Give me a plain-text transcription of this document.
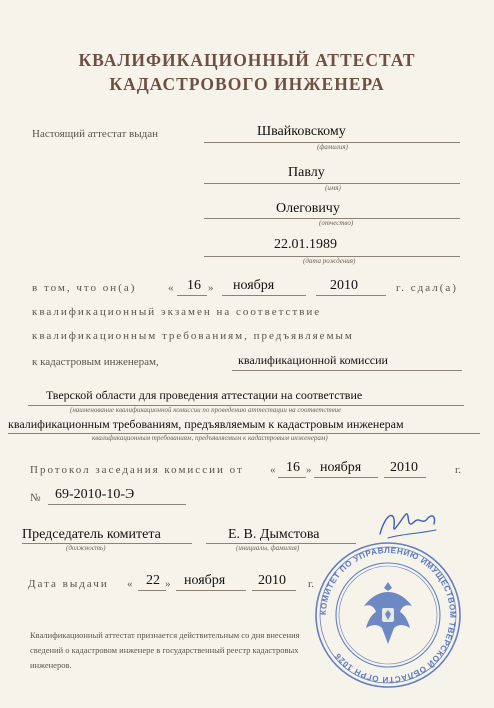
КВАЛИФИКАЦИОННЫЙ АТТЕСТАТ
КАДАСТРОВОГО ИНЖЕНЕРА
Настоящий аттестат выдан	Швайковскому
(фамилия)
Павлу
(имя)
Олеговичу
(отчество)
22.01.1989
(дата рождения)
в том, что он(а)	« 16 » ноября	2010	г. сдал(а)
квалификационный экзамен на соответствие
квалификационным требованиям, предъявляемым
к кадастровым инженерам,	квалификационной комиссии
Тверской области для проведения аттестации на соответствие
(наименование квалификационной комиссии по проведению аттестации на соответствие
квалификационным требованиям, предъявляемым к кадастровым инженерам
квалификационным требованиям, предъявляемым к кадастровым инженерам)
Протокол заседания комиссии от « 16 » ноября 2010	г.
№ 69-2010-10-Э
Председатель комитета
(должность)
Е. В. Дымстова
(инициалы, фамилия)
Дата выдачи « 22 » ноября 2010 г.
Квалификационный аттестат признается действительным со дня внесения
сведений о кадастровом инженере в государственный реестр кадастровых
инженеров.
КОМИТЕТ ПО УПРАВЛЕНИЮ ИМУЩЕСТВОМ ТВЕРСКОЙ ОБЛАСТИ ОГРН 1026
